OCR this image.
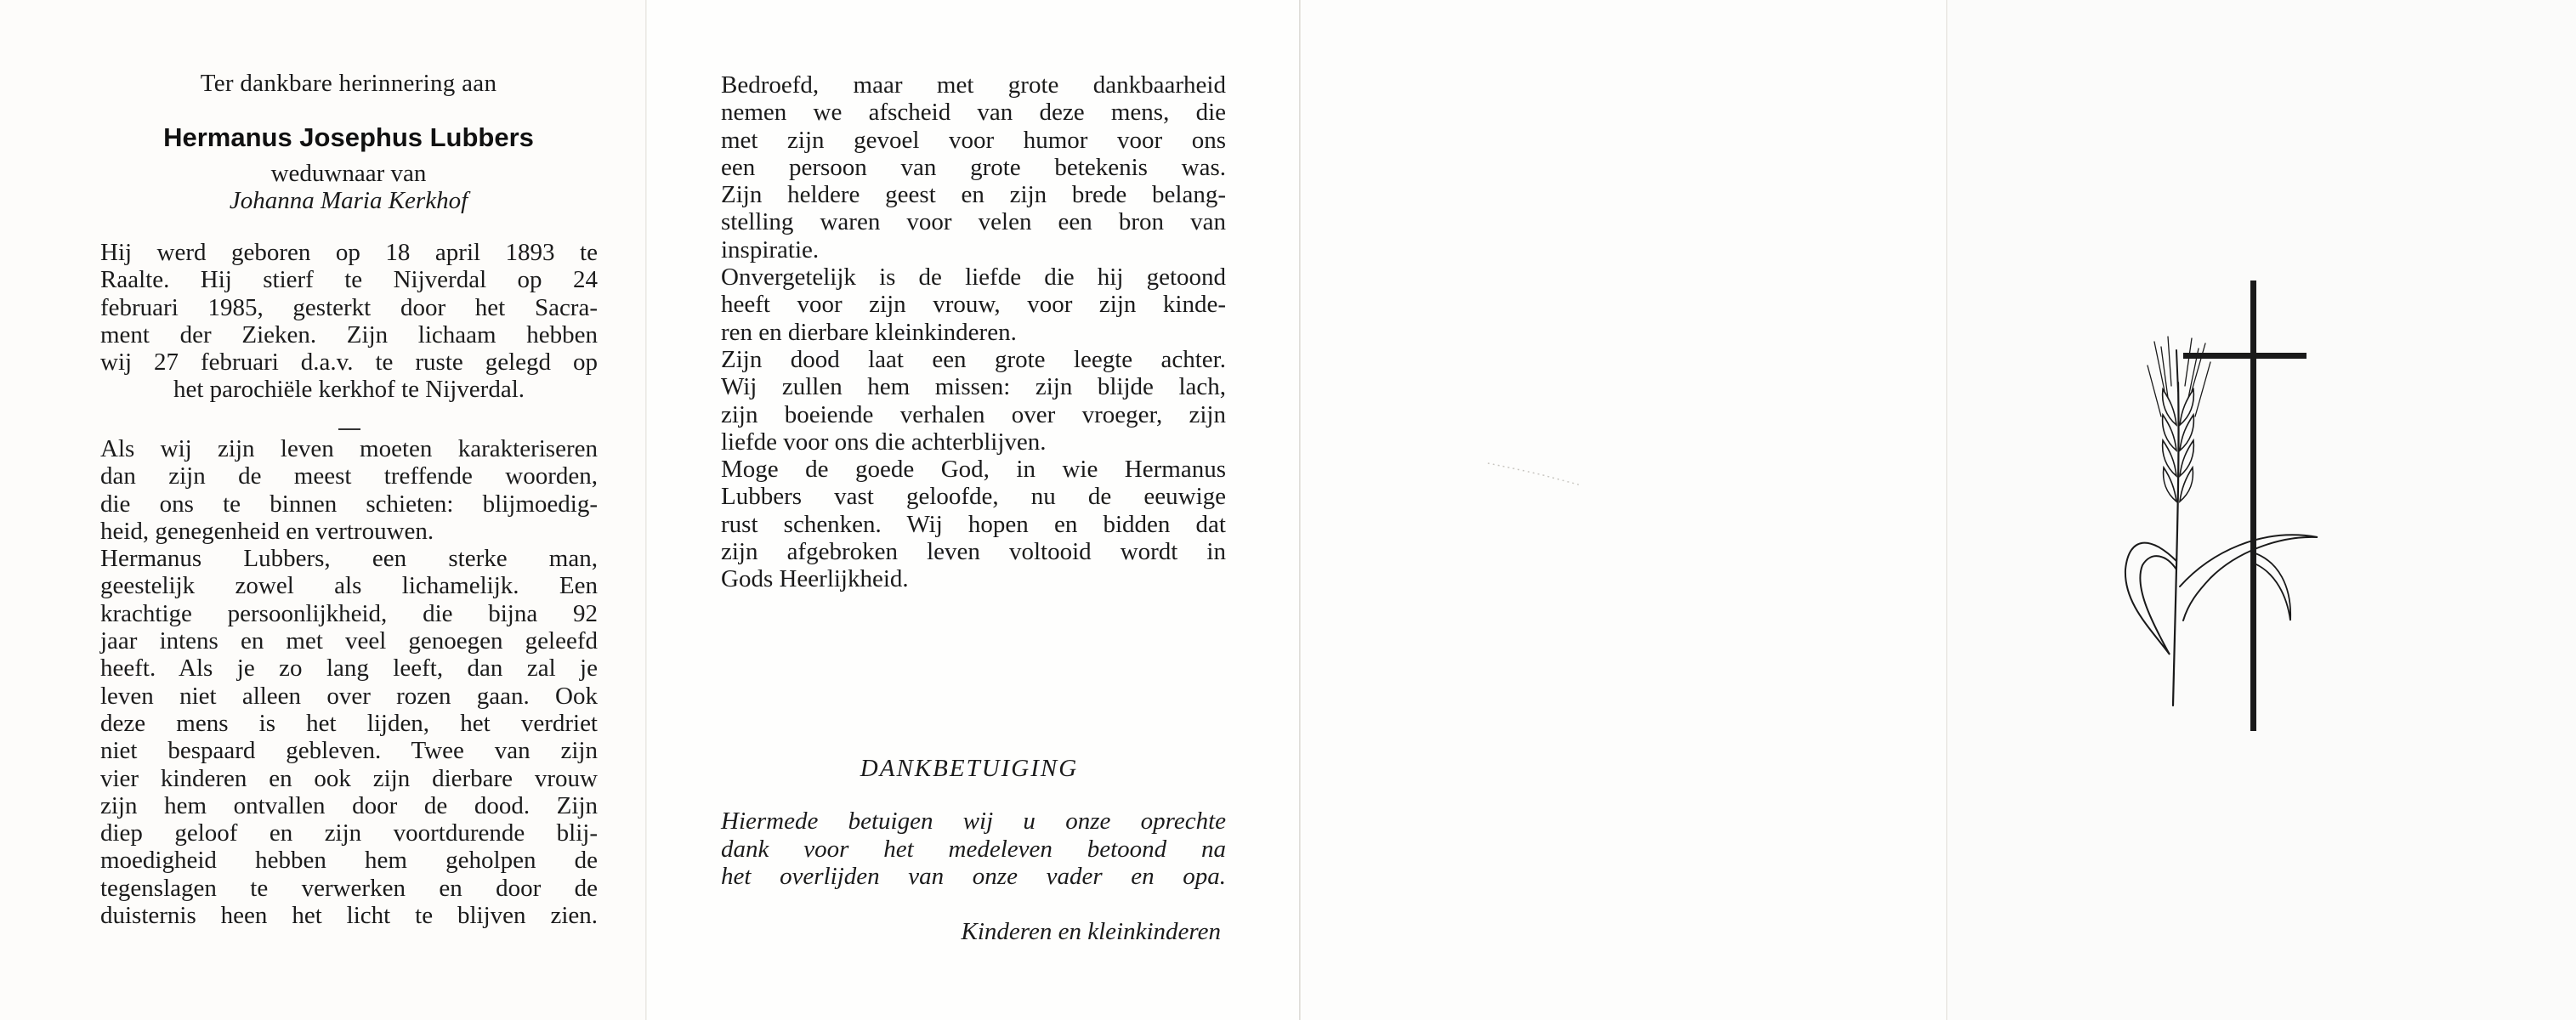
Ter dankbare herinnering aan
Hermanus Josephus Lubbers
weduwnaar van
Johanna Maria Kerkhof
Hij werd geboren op 18 april 1893 te
Raalte. Hij stierf te Nijverdal op 24
februari 1985, gesterkt door het Sacra-
ment der Zieken. Zijn lichaam hebben
wij 27 februari d.a.v. te ruste gelegd op
het parochiële kerkhof te Nijverdal.
Als wij zijn leven moeten karakteriseren
dan zijn de meest treffende woorden,
die ons te binnen schieten: blijmoedig-
heid, genegenheid en vertrouwen.
Hermanus Lubbers, een sterke man,
geestelijk zowel als lichamelijk. Een
krachtige persoonlijkheid, die bijna 92
jaar intens en met veel genoegen geleefd
heeft. Als je zo lang leeft, dan zal je
leven niet alleen over rozen gaan. Ook
deze mens is het lijden, het verdriet
niet bespaard gebleven. Twee van zijn
vier kinderen en ook zijn dierbare vrouw
zijn hem ontvallen door de dood. Zijn
diep geloof en zijn voortdurende blij-
moedigheid hebben hem geholpen de
tegenslagen te verwerken en door de
duisternis heen het licht te blijven zien.
Bedroefd, maar met grote dankbaarheid
nemen we afscheid van deze mens, die
met zijn gevoel voor humor voor ons
een persoon van grote betekenis was.
Zijn heldere geest en zijn brede belang-
stelling waren voor velen een bron van
inspiratie.
Onvergetelijk is de liefde die hij getoond
heeft voor zijn vrouw, voor zijn kinde-
ren en dierbare kleinkinderen.
Zijn dood laat een grote leegte achter.
Wij zullen hem missen: zijn blijde lach,
zijn boeiende verhalen over vroeger, zijn
liefde voor ons die achterblijven.
Moge de goede God, in wie Hermanus
Lubbers vast geloofde, nu de eeuwige
rust schenken. Wij hopen en bidden dat
zijn afgebroken leven voltooid wordt in
Gods Heerlijkheid.
DANKBETUIGING
Hiermede betuigen wij u onze oprechte
dank voor het medeleven betoond na
het overlijden van onze vader en opa.
Kinderen en kleinkinderen
